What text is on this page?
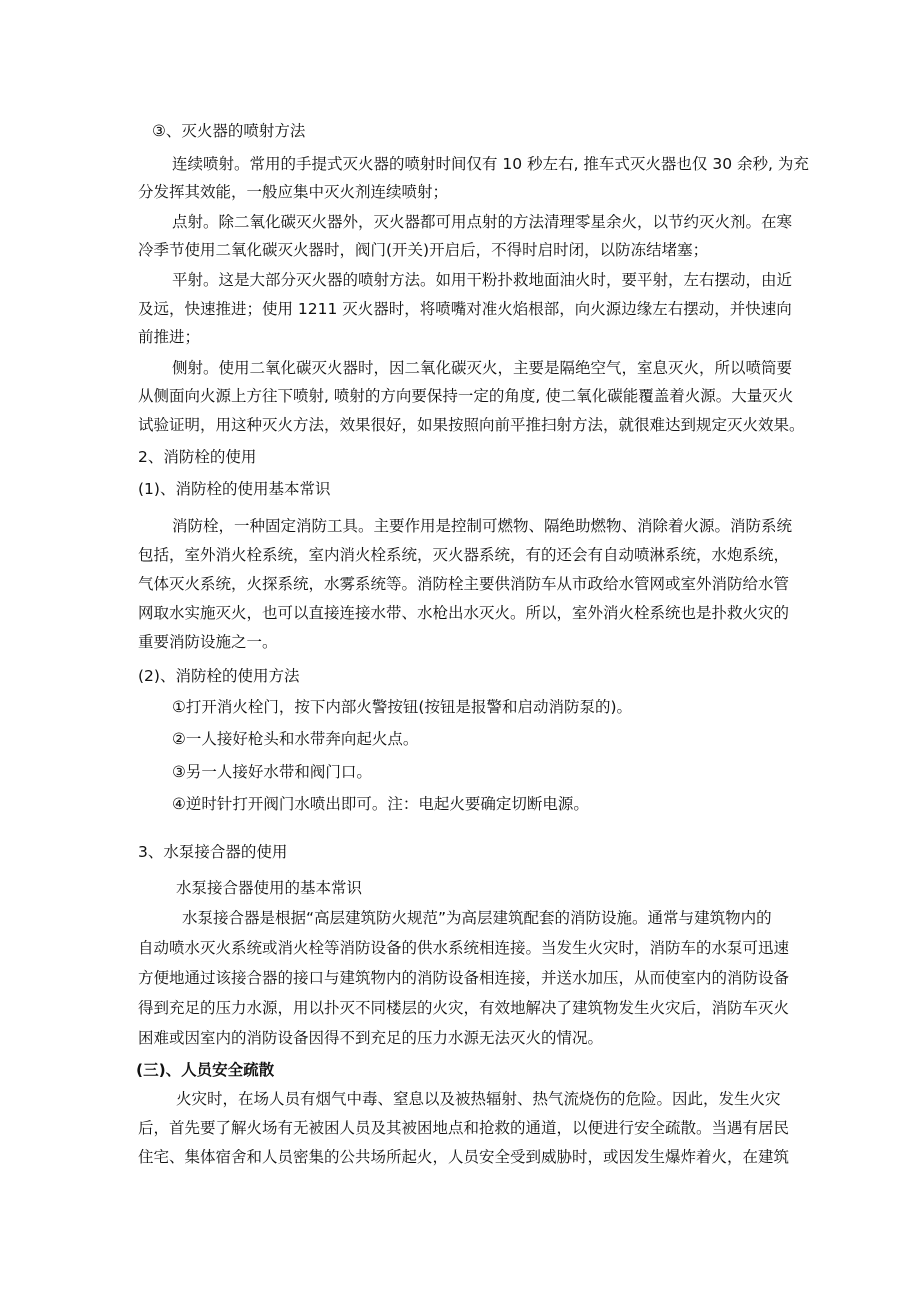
③、灭火器的喷射方法
连续喷射。常用的手提式灭火器的喷射时间仅有 10 秒左右, 推车式灭火器也仅 30 余秒, 为充
分发挥其效能，一般应集中灭火剂连续喷射；
点射。除二氧化碳灭火器外，灭火器都可用点射的方法清理零星余火，以节约灭火剂。在寒
冷季节使用二氧化碳灭火器时，阀门(开关)开启后，不得时启时闭，以防冻结堵塞；
平射。这是大部分灭火器的喷射方法。如用干粉扑救地面油火时，要平射，左右摆动，由近
及远，快速推进；使用 1211 灭火器时，将喷嘴对准火焰根部，向火源边缘左右摆动，并快速向
前推进；
侧射。使用二氧化碳灭火器时，因二氧化碳灭火，主要是隔绝空气，室息灭火，所以喷筒要
从侧面向火源上方往下喷射, 喷射的方向要保持一定的角度, 使二氧化碳能覆盖着火源。大量灭火
试验证明，用这种灭火方法，效果很好，如果按照向前平推扫射方法，就很难达到规定灭火效果。
2、消防栓的使用
(1)、消防栓的使用基本常识
消防栓，一种固定消防工具。主要作用是控制可燃物、隔绝助燃物、消除着火源。消防系统
包括，室外消火栓系统，室内消火栓系统，灭火器系统，有的还会有自动喷淋系统，水炮系统，
气体灭火系统，火探系统，水雾系统等。消防栓主要供消防车从市政给水管网或室外消防给水管
网取水实施灭火，也可以直接连接水带、水枪出水灭火。所以，室外消火栓系统也是扑救火灾的
重要消防设施之一。
(2)、消防栓的使用方法
①打开消火栓门，按下内部火警按钮(按钮是报警和启动消防泵的)。
②一人接好枪头和水带奔向起火点。
③另一人接好水带和阀门口。
④逆时针打开阀门水喷出即可。注：电起火要确定切断电源。
3、水泵接合器的使用
水泵接合器使用的基本常识
水泵接合器是根据“高层建筑防火规范”为高层建筑配套的消防设施。通常与建筑物内的
自动喷水灭火系统或消火栓等消防设备的供水系统相连接。当发生火灾时，消防车的水泵可迅速
方便地通过该接合器的接口与建筑物内的消防设备相连接，并送水加压，从而使室内的消防设备
得到充足的压力水源，用以扑灭不同楼层的火灾，有效地解决了建筑物发生火灾后，消防车灭火
困难或因室内的消防设备因得不到充足的压力水源无法灭火的情况。
(三)、人员安全疏散
火灾时，在场人员有烟气中毒、窒息以及被热辐射、热气流烧伤的危险。因此，发生火灾
后，首先要了解火场有无被困人员及其被困地点和抢救的通道，以便进行安全疏散。当遇有居民
住宅、集体宿舍和人员密集的公共场所起火，人员安全受到威胁时，或因发生爆炸着火，在建筑
